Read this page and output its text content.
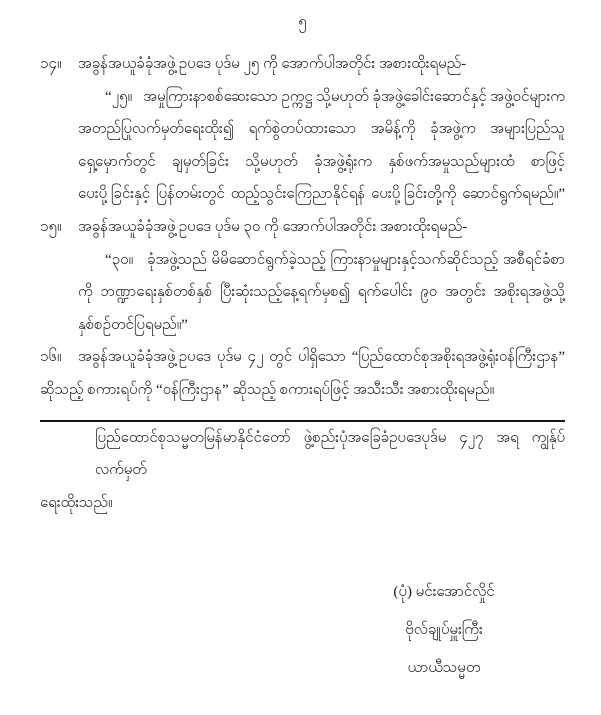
၅
၁၄။	အခွန်အယူခံခုံအဖွဲ့ဥပဒေ ပုဒ်မ ၂၅ ကို အောက်ပါအတိုင်း အစားထိုးရမည်-
“၂၅။   အမှုကြားနာစစ်ဆေးသော ဥက္ကဋ္ဌ သို့မဟုတ် ခုံအဖွဲ့ခေါင်းဆောင်နှင့် အဖွဲ့ဝင်များက
အတည်ပြုလက်မှတ်ရေးထိုး၍ ရက်စွဲတပ်ထားသော အမိန့်ကို ခုံအဖွဲ့က အများပြည်သူ
ရှေ့မှောက်တွင် ချမှတ်ခြင်း သို့မဟုတ် ခုံအဖွဲ့ရုံးက နှစ်ဖက်အမှုသည်များထံ စာဖြင့်
ပေးပို့ခြင်းနှင့် ပြန်တမ်းတွင် ထည့်သွင်းကြေညာနိုင်ရန် ပေးပို့ခြင်းတို့ကို ဆောင်ရွက်ရမည်။”
၁၅။	အခွန်အယူခံခုံအဖွဲ့ဥပဒေ ပုဒ်မ ၃၀ ကို အောက်ပါအတိုင်း အစားထိုးရမည်-
“၃၀။   ခုံအဖွဲ့သည် မိမိဆောင်ရွက်ခဲ့သည့် ကြားနာမှုများနှင့်သက်ဆိုင်သည့် အစီရင်ခံစာ
ကို ဘဏ္ဍာရေးနှစ်တစ်နှစ် ပြီးဆုံးသည့်နေ့ရက်မှစ၍ ရက်ပေါင်း ၉၀ အတွင်း အစိုးရအဖွဲ့သို့
နှစ်စဉ်တင်ပြရမည်။”
၁၆။	အခွန်အယူခံခုံအဖွဲ့ဥပဒေ ပုဒ်မ ၄၂ တွင် ပါရှိသော “ပြည်ထောင်စုအစိုးရအဖွဲ့ရုံးဝန်ကြီးဌာန”
ဆိုသည့် စကားရပ်ကို “ဝန်ကြီးဌာန” ဆိုသည့် စကားရပ်ဖြင့် အသီးသီး အစားထိုးရမည်။
ပြည်ထောင်စုသမ္မတမြန်မာနိုင်ငံတော် ဖွဲ့စည်းပုံအခြေခံဥပဒေပုဒ်မ ၄၂၇ အရ ကျွန်ုပ်လက်မှတ်
ရေးထိုးသည်။
(ပုံ) မင်းအောင်လှိုင်
ဗိုလ်ချုပ်မှူးကြီး
ယာယီသမ္မတ
